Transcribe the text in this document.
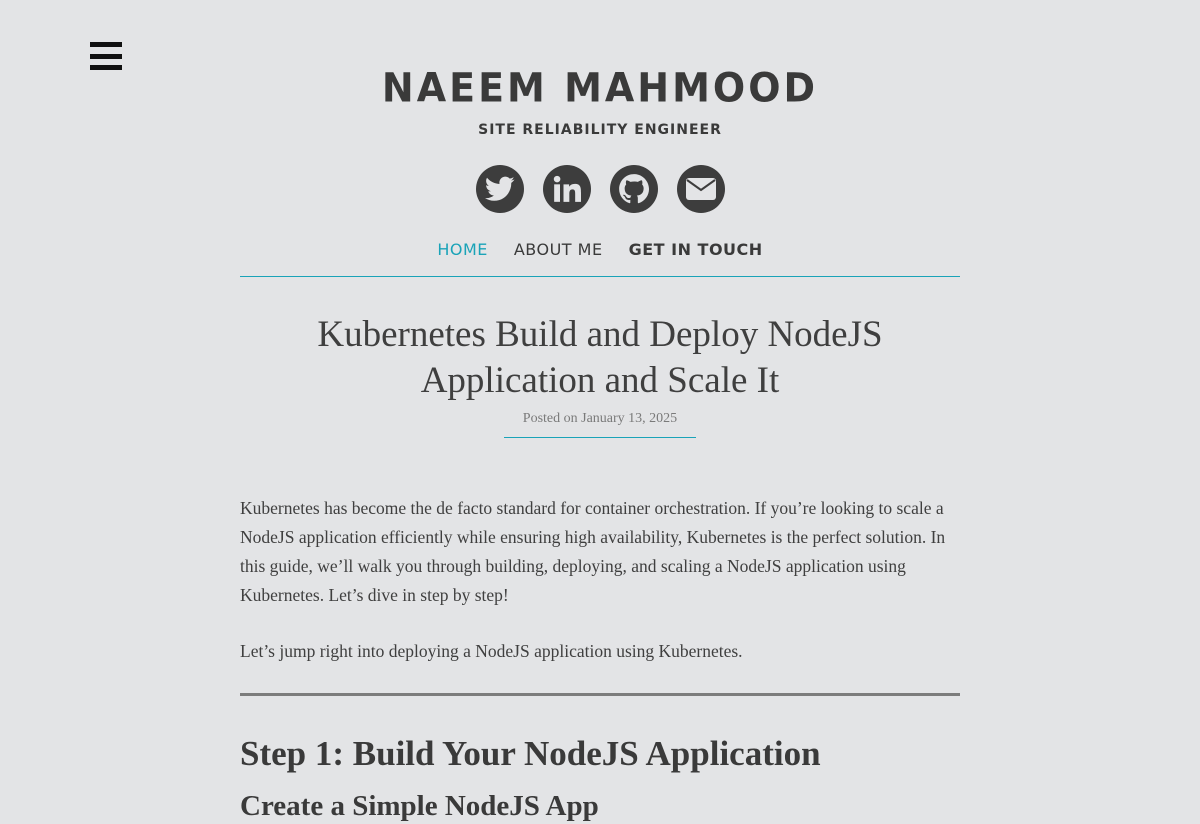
NAEEM MAHMOOD
SITE RELIABILITY ENGINEER
HOME ABOUT ME GET IN TOUCH
Kubernetes Build and Deploy NodeJS Application and Scale It
Posted on January 13, 2025

Kubernetes has become the de facto standard for container orchestration. If you’re looking to scale a NodeJS application efficiently while ensuring high availability, Kubernetes is the perfect solution. In this guide, we’ll walk you through building, deploying, and scaling a NodeJS application using Kubernetes. Let’s dive in step by step!

Let’s jump right into deploying a NodeJS application using Kubernetes.

Step 1: Build Your NodeJS Application
Create a Simple NodeJS App
